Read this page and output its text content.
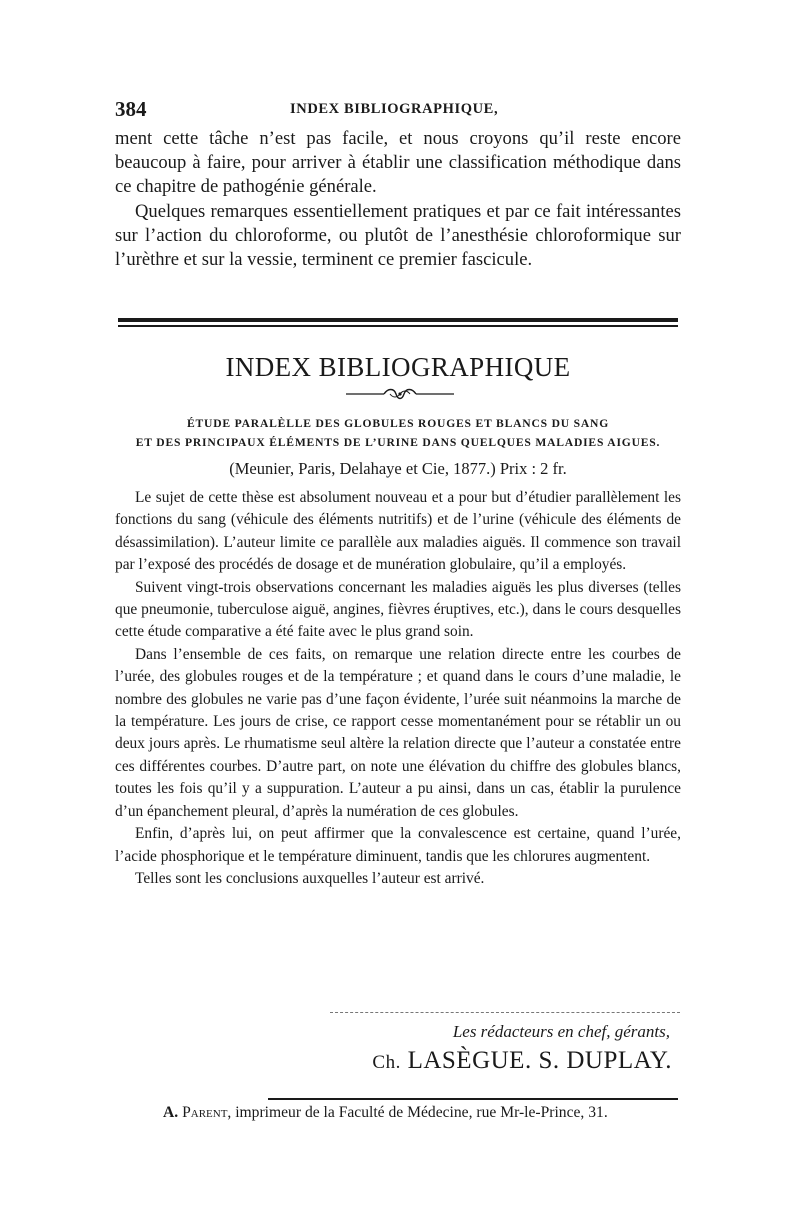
384	INDEX BIBLIOGRAPHIQUE,

ment cette tâche n’est pas facile, et nous croyons qu’il reste encore beaucoup à faire, pour arriver à établir une classification méthodique dans ce chapitre de pathogénie générale.

Quelques remarques essentiellement pratiques et par ce fait intéressantes sur l’action du chloroforme, ou plutôt de l’anesthésie chloroformique sur l’urèthre et sur la vessie, terminent ce premier fascicule.

INDEX BIBLIOGRAPHIQUE
ÉTUDE PARALÈLLE DES GLOBULES ROUGES ET BLANCS DU SANG
ET DES PRINCIPAUX ÉLÉMENTS DE L’URINE DANS QUELQUES MALADIES AIGUES.
(Meunier, Paris, Delahaye et Cie, 1877.) Prix : 2 fr.

Le sujet de cette thèse est absolument nouveau et a pour but d’étudier parallèlement les fonctions du sang (véhicule des éléments nutritifs) et de l’urine (véhicule des éléments de désassimilation). L’auteur limite ce parallèle aux maladies aiguës. Il commence son travail par l’exposé des procédés de dosage et de munération globulaire, qu’il a employés.

Suivent vingt-trois observations concernant les maladies aiguës les plus diverses (telles que pneumonie, tuberculose aiguë, angines, fièvres éruptives, etc.), dans le cours desquelles cette étude comparative a été faite avec le plus grand soin.

Dans l’ensemble de ces faits, on remarque une relation directe entre les courbes de l’urée, des globules rouges et de la température ; et quand dans le cours d’une maladie, le nombre des globules ne varie pas d’une façon évidente, l’urée suit néanmoins la marche de la température. Les jours de crise, ce rapport cesse momentanément pour se rétablir un ou deux jours après. Le rhumatisme seul altère la relation directe que l’auteur a constatée entre ces différentes courbes. D’autre part, on note une élévation du chiffre des globules blancs, toutes les fois qu’il y a suppuration. L’auteur a pu ainsi, dans un cas, établir la purulence d’un épanchement pleural, d’après la numération de ces globules.

Enfin, d’après lui, on peut affirmer que la convalescence est certaine, quand l’urée, l’acide phosphorique et le température diminuent, tandis que les chlorures augmentent.

Telles sont les conclusions auxquelles l’auteur est arrivé.

Les rédacteurs en chef, gérants,
Ch. LASÈGUE. S. DUPLAY.
A. Parent, imprimeur de la Faculté de Médecine, rue Mr-le-Prince, 31.
